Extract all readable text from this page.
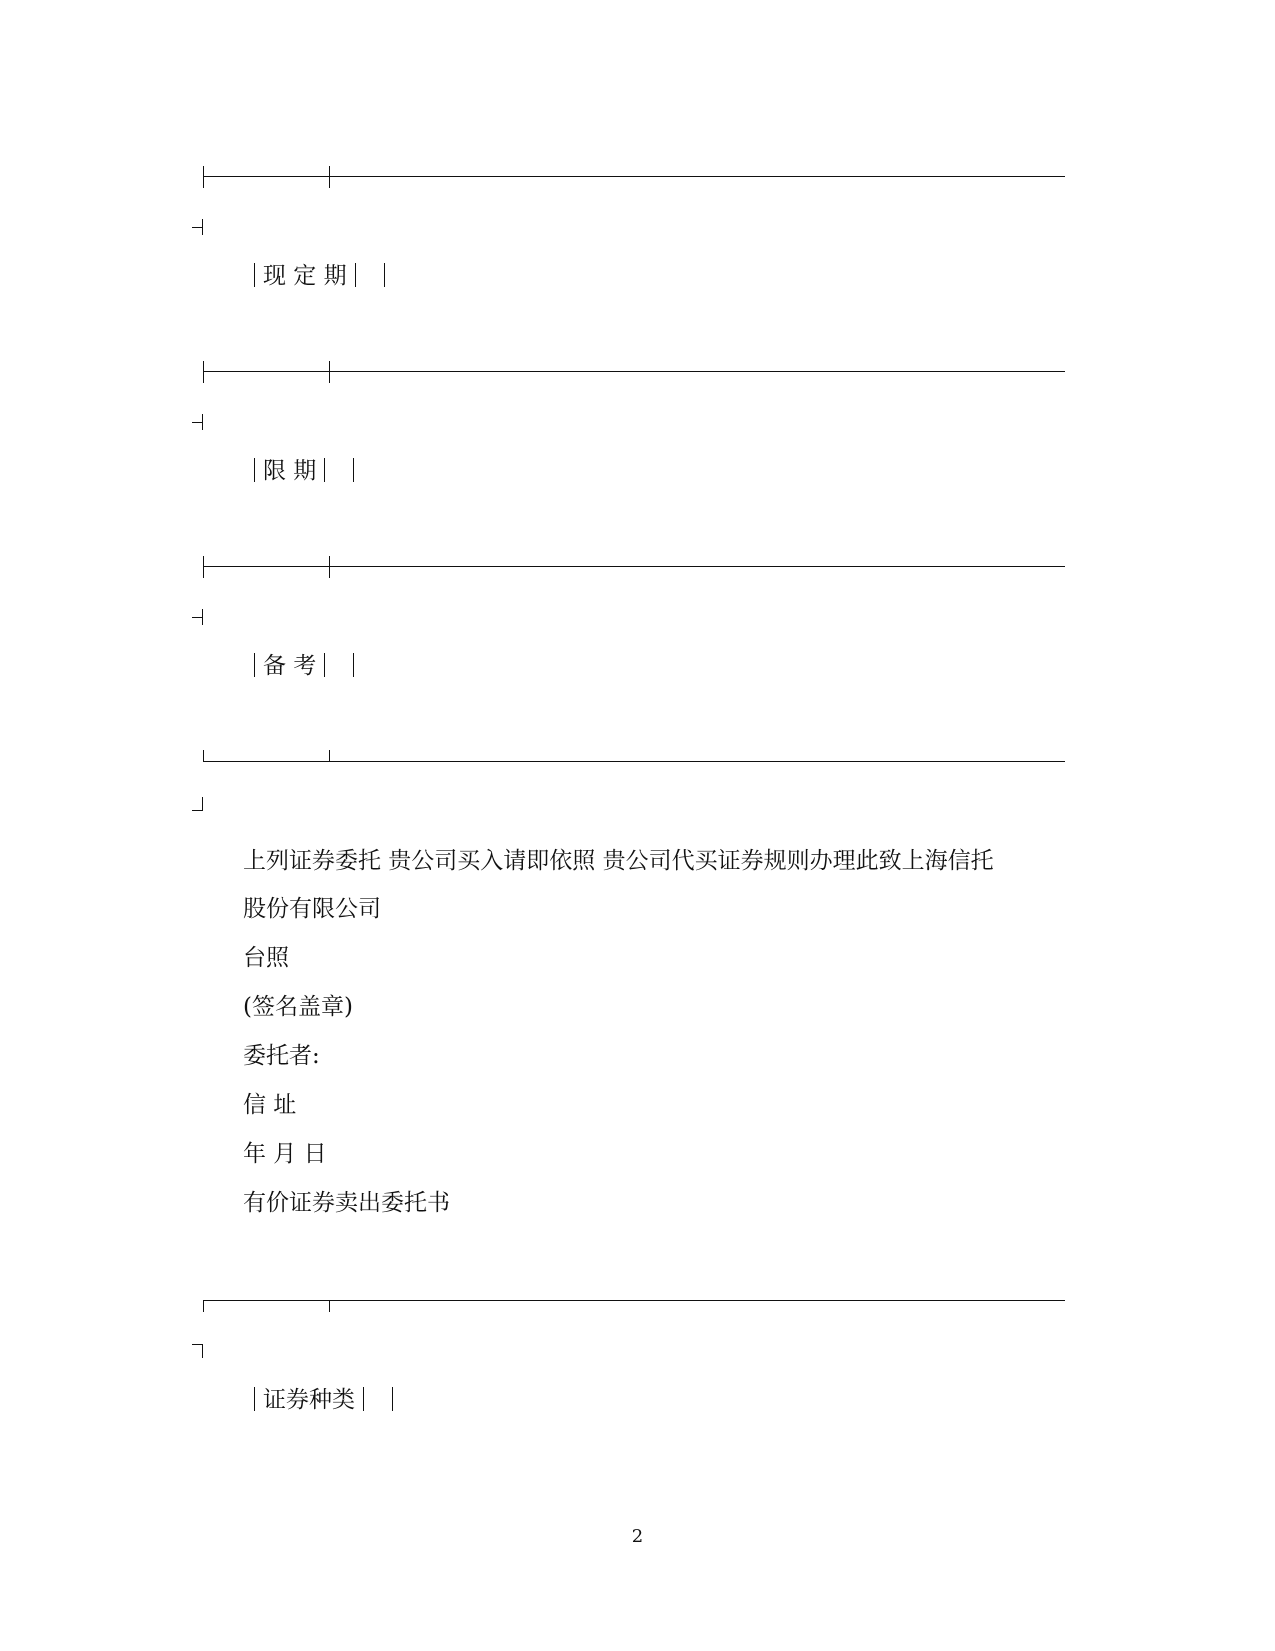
现 定 期
限 期
备 考
上列证券委托 贵公司买入请即依照 贵公司代买证券规则办理此致上海信托
股份有限公司
台照
(签名盖章)
委托者:
信 址
年 月 日
有价证券卖出委托书
证券种类
2
